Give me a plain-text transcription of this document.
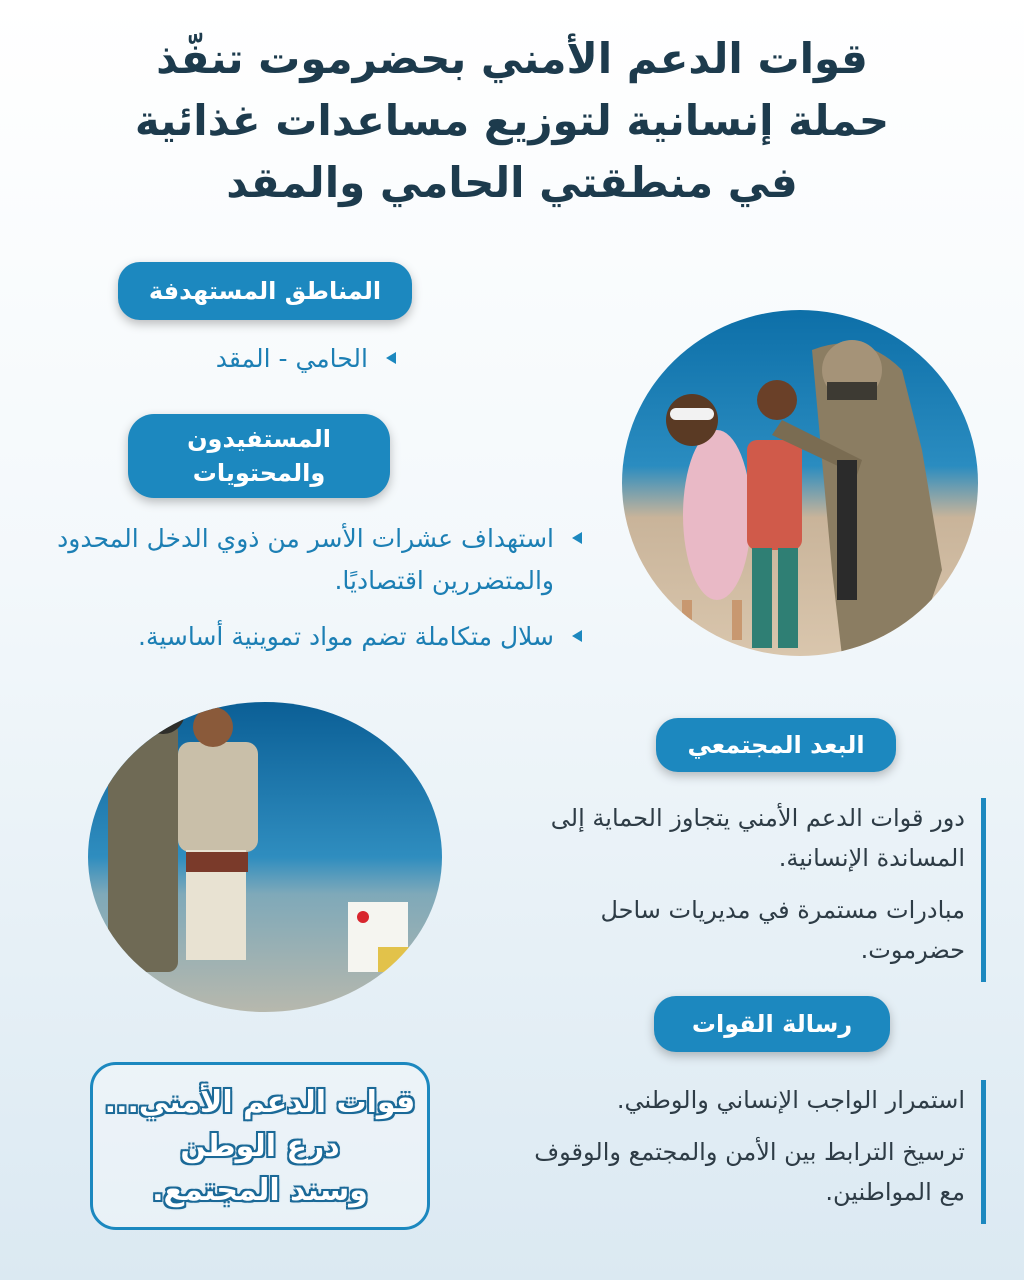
قوات الدعم الأمني بحضرموت تنفّذ
حملة إنسانية لتوزيع مساعدات غذائية
في منطقتي الحامي والمقد
المناطق المستهدفة
الحامي - المقد
المستفيدون
والمحتويات
استهداف عشرات الأسر من ذوي الدخل المحدود والمتضررين اقتصاديًا.
سلال متكاملة تضم مواد تموينية أساسية.
البعد المجتمعي

دور قوات الدعم الأمني يتجاوز الحماية إلى المساندة الإنسانية.

مبادرات مستمرة في مديريات ساحل حضرموت.

رسالة القوات

استمرار الواجب الإنساني والوطني.

ترسيخ الترابط بين الأمن والمجتمع والوقوف مع المواطنين.

قوات الدعم الأمني...
درع الوطن
وسند المجتمع.
